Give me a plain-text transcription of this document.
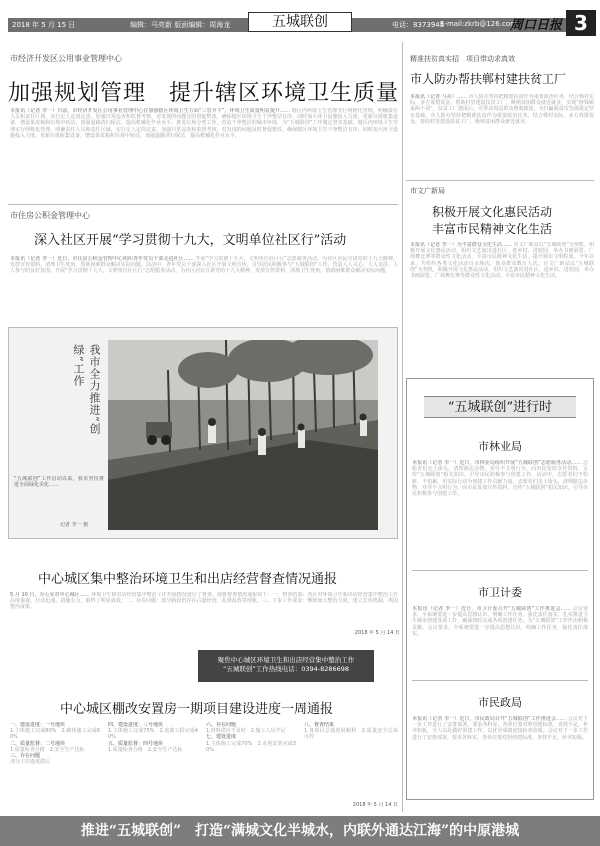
2018 年 5 月 15 日	编辑：马亮新 版面编辑：周海龙	电话：8373945
E-mail:zkrb@126.com
五城联创	周口日报 3
市经济开发区公用事业管理中心
加强规划管理　提升辖区环境卫生质量
本报讯（记者 李一）日前，市经济开发区公用事业管理中心在加强辖区环境卫生方面“三管齐下”，环境卫生质量明显提升…… 辖区内环境卫生管理实行网格化管理，明确责任人员和责任区域，实行定人定岗定责，加强日常巡查和监督考核，对发现的问题及时督促整改，确保辖区环境卫生干净整洁有序。同时加大环卫设施投入力度，更新垃圾收集设备，增设果皮箱和垃圾中转站，加强道路清扫保洁，提高机械化作业水平，推进垃圾分类工作，营造干净整洁的城市环境，为“五城联创”工作奠定坚实基础。辖区内环境卫生管理实行网格化管理，明确责任人员和责任区域，实行定人定岗定责，加强日常巡查和监督考核，对发现的问题及时督促整改，确保辖区环境卫生干净整洁有序。同时加大环卫设施投入力度，更新垃圾收集设备，增设果皮箱和垃圾中转站，加强道路清扫保洁，提高机械化作业水平。
市住房公积金管理中心
深入社区开展“学习贯彻十九大，文明单位社区行”活动
本报讯（记者 李一）近日，市住房公积金管理中心组织青年党员干部走进社区…… 开展“学习贯彻十九大，文明单位社区行”志愿服务活动，为社区居民宣讲党的十九大精神，发放宣传资料，清理卫生死角，帮助困难群众解决实际问题。活动中，青年党员干部深入社区开展文明宣传，引导居民积极参与“五城联创”工作，营造人人关心、人人支持、人人参与的良好氛围。开展“学习贯彻十九大，文明单位社区行”志愿服务活动，为社区居民宣讲党的十九大精神，发放宣传资料，清理卫生死角，帮助困难群众解决实际问题。
我市全力推进“创绿”工作
“五城联创”工作启动以来，我市坚持推进全面绿化美化……
记者 李一 摄
中心城区集中整治环境卫生和出店经营督查情况通报
5 月 10 日，办公室对中心城区…… 环境卫生和出店经营集中整治工作开展情况进行了督查，现将督查情况通报如下：一、督查结果：各区对环境卫生和出店经营集中整治工作高度重视，行动迅速，措施有力，取得了明显成效。二、存在问题：部分路段仍存在占道经营、乱堆乱放等现象。三、下步工作要求：继续加大整治力度，建立长效机制，巩固整治成果。
2018 年 5 月 14 日
聚焦中心城区环境卫生和出店经营集中整治工作
“五城联创”工作热线电话：0394-8286698
中心城区棚改安置房一期项目建设进度一周通报
一、建设进度：一号地块
1.主体施工完成80%　2.砌体施工完成60%
二、质量监督：二号地块
1.质量检查合格　2.安全生产达标
三、存在问题
部分工序进度滞后
四、建设进度：三号地块
1.主体施工完成75%　2.装饰工程完成40%
五、质量监督：四号地块
1.质量检查合格　2.安全生产达标
六、存在问题
1.材料供应不及时　2.施工人员不足
七、建设进度
1.主体施工完成70%　2.水电安装完成30%
八、督查结果
1.各项目总体进展顺利　2.质量安全总体可控
2018 年 5 月 14 日
精准扶贫真实招　项目带动求真效
市人防办帮扶郸村建扶贫工厂
本报讯（记者 马亮）…… 市人防办坚持把精准扶贫作为重要政治任务，结合郸村实际，多方筹措资金，帮助村里建设扶贫工厂，吸纳贫困群众就近就业，实现“挣钱顾家两不误”。扶贫工厂建成后，可带动周边群众增收致富，为打赢脱贫攻坚战奠定坚实基础。市人防办坚持把精准扶贫作为重要政治任务，结合郸村实际，多方筹措资金，帮助村里建设扶贫工厂，吸纳贫困群众就近就业。
市文广新局
积极开展文化惠民活动
丰富市民精神文化生活
本报讯（记者 李一）为丰富群众文化生活…… 市文广新局以“五城联创”为契机，积极开展文化惠民活动，组织文艺演出进社区、进乡村、进校园，举办书画展览、广场舞比赛等群众性文化活动，丰富市民精神文化生活，提升城市文明程度。今年以来，共组织各类文化活动百余场次，惠及群众数万人次。市文广新局以“五城联创”为契机，积极开展文化惠民活动，组织文艺演出进社区、进乡村、进校园，举办书画展览、广场舞比赛等群众性文化活动，丰富市民精神文化生活。
“五城联创”进行时
市林业局
本报讯（记者 李一）近日，市林业局组织开展“五城联创”志愿服务活动…… 志愿者们走上街头，清理路边杂物，劝导不文明行为，向市民发放宣传资料，宣传“五城联创”相关知识，引导市民积极参与创建工作。活动中，志愿者们不怕脏、不怕累，用实际行动为创建工作贡献力量。志愿者们走上街头，清理路边杂物，劝导不文明行为，向市民发放宣传资料，宣传“五城联创”相关知识，引导市民积极参与创建工作。
市卫计委
本报讯（记者 李一）近日，市卫计委召开“五城联创”工作推进会…… 会议要求，全系统要进一步提高思想认识，明确工作任务，强化责任落实，扎实推进卫生城市创建各项工作，确保按时完成各项创建任务，为“五城联创”工作作出积极贡献。会议要求，全系统要进一步提高思想认识，明确工作任务，强化责任落实。
市民政局
本报讯（记者 李一）近日，市民政局召开“五城联创”工作推进会…… 会议对下一步工作进行了安排部署，要求各科室、各单位要对照创建标准，查找不足，补齐短板，全力以赴做好创建工作，以优异成绩迎接检查验收。会议对下一步工作进行了安排部署，要求各科室、各单位要对照创建标准，查找不足，补齐短板。
推进“五城联创”　打造“满城文化半城水，内联外通达江海”的中原港城
